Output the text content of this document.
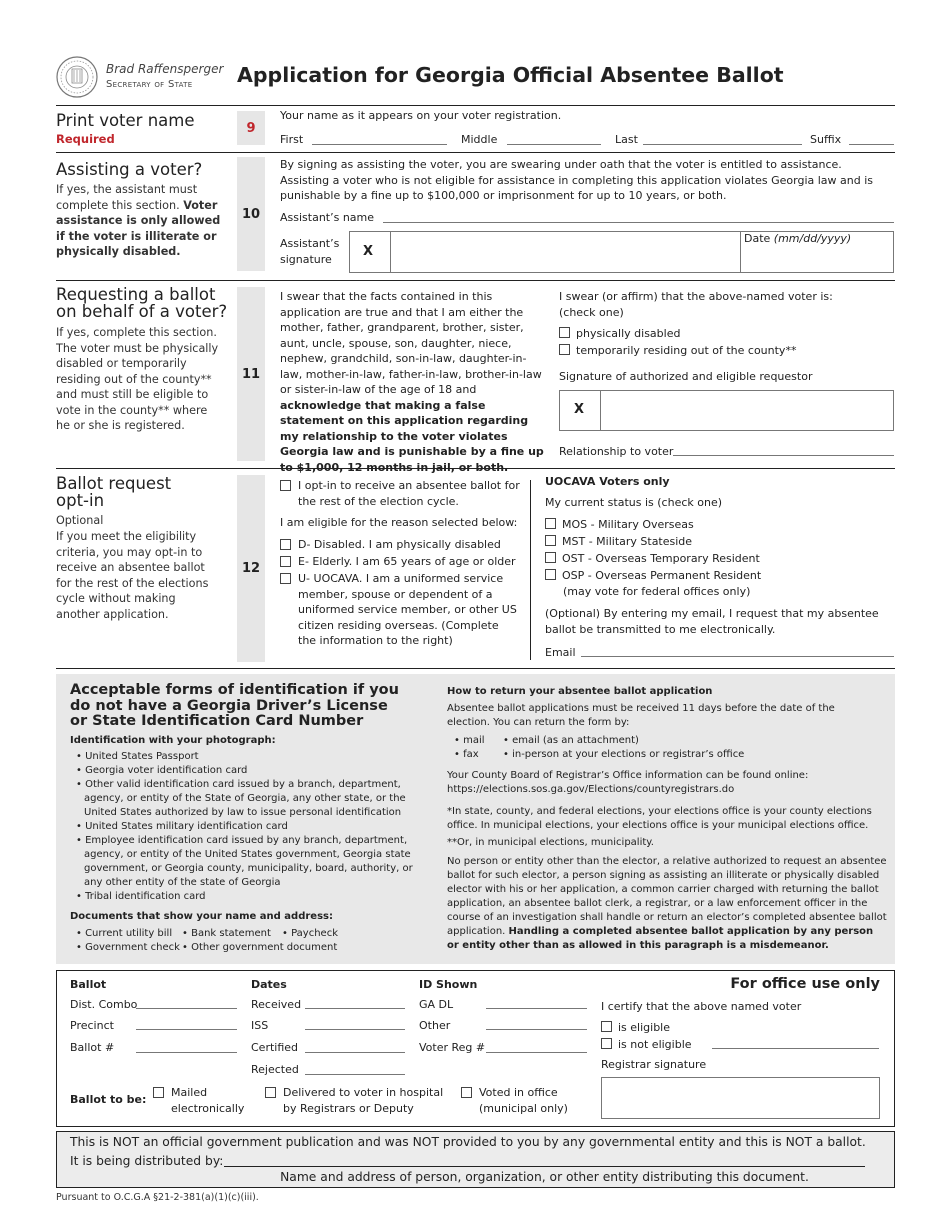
Brad Raffensperger
Secretary of State Application for Georgia Official Absentee Ballot
Print voter name
Required
9
Your name as it appears on your voter registration.
First	Middle	Last	Suffix
Assisting a voter?
If yes, the assistant must complete this section. Voter assistance is only allowed if the voter is illiterate or physically disabled.
10
By signing as assisting the voter, you are swearing under oath that the voter is entitled to assistance. Assisting a voter who is not eligible for assistance in completing this application violates Georgia law and is punishable by a fine up to $100,000 or imprisonment for up to 10 years, or both.
Assistant’s name
Assistant’s signature	X
Date (mm/dd/yyyy)
Requesting a ballot on behalf of a voter?
If yes, complete this section. The voter must be physically disabled or temporarily residing out of the county** and must still be eligible to vote in the county** where he or she is registered.
11
I swear that the facts contained in this application are true and that I am either the mother, father, grandparent, brother, sister, aunt, uncle, spouse, son, daughter, niece, nephew, grandchild, son-in-law, daughter-in-law, mother-in-law, father-in-law, brother-in-law or sister-in-law of the age of 18 and acknowledge that making a false statement on this application regarding my relationship to the voter violates Georgia law and is punishable by a fine up to $1,000, 12 months in jail, or both.
I swear (or affirm) that the above-named voter is:
(check one)
physically disabled
temporarily residing out of the county**
Signature of authorized and eligible requestor
X
Relationship to voter
Ballot request opt-in
Optional
If you meet the eligibility criteria, you may opt-in to receive an absentee ballot for the rest of the elections cycle without making another application.
12
I opt-in to receive an absentee ballot for the rest of the election cycle.
I am eligible for the reason selected below:
D- Disabled. I am physically disabled
E- Elderly. I am 65 years of age or older
U- UOCAVA. I am a uniformed service member, spouse or dependent of a uniformed service member, or other US citizen residing overseas. (Complete the information to the right)
UOCAVA Voters only
My current status is (check one)
MOS - Military Overseas
MST - Military Stateside
OST - Overseas Temporary Resident
OSP - Overseas Permanent Resident
(may vote for federal offices only)
(Optional) By entering my email, I request that my absentee ballot be transmitted to me electronically.
Email
Acceptable forms of identification if you do not have a Georgia Driver’s License or State Identification Card Number
Identification with your photograph:
• United States Passport
• Georgia voter identification card
• Other valid identification card issued by a branch, department, agency, or entity of the State of Georgia, any other state, or the United States authorized by law to issue personal identification
• United States military identification card
• Employee identification card issued by any branch, department, agency, or entity of the United States government, Georgia state government, or Georgia county, municipality, board, authority, or any other entity of the state of Georgia
• Tribal identification card
Documents that show your name and address:
• Current utility bill • Bank statement • Paycheck
• Government check • Other government document
How to return your absentee ballot application
Absentee ballot applications must be received 11 days before the date of the election. You can return the form by:
• mail • email (as an attachment)
• fax • in-person at your elections or registrar’s office
Your County Board of Registrar’s Office information can be found online: https://elections.sos.ga.gov/Elections/countyregistrars.do
*In state, county, and federal elections, your elections office is your county elections office. In municipal elections, your elections office is your municipal elections office.
**Or, in municipal elections, municipality.
No person or entity other than the elector, a relative authorized to request an absentee ballot for such elector, a person signing as assisting an illiterate or physically disabled elector with his or her application, a common carrier charged with returning the ballot application, an absentee ballot clerk, a registrar, or a law enforcement officer in the course of an investigation shall handle or return an elector’s completed absentee ballot application. Handling a completed absentee ballot application by any person or entity other than as allowed in this paragraph is a misdemeanor.
Ballot
Dist. Combo
Precinct
Ballot #
Dates
Received
ISS
Certified
Rejected
ID Shown
GA DL
Other
Voter Reg #
For office use only
I certify that the above named voter
is eligible
is not eligible
Registrar signature
Ballot to be:
Mailed electronically
Delivered to voter in hospital by Registrars or Deputy
Voted in office (municipal only)
This is NOT an official government publication and was NOT provided to you by any governmental entity and this is NOT a ballot.
It is being distributed by:
Name and address of person, organization, or other entity distributing this document.
Pursuant to O.C.G.A §21-2-381(a)(1)(c)(iii).
